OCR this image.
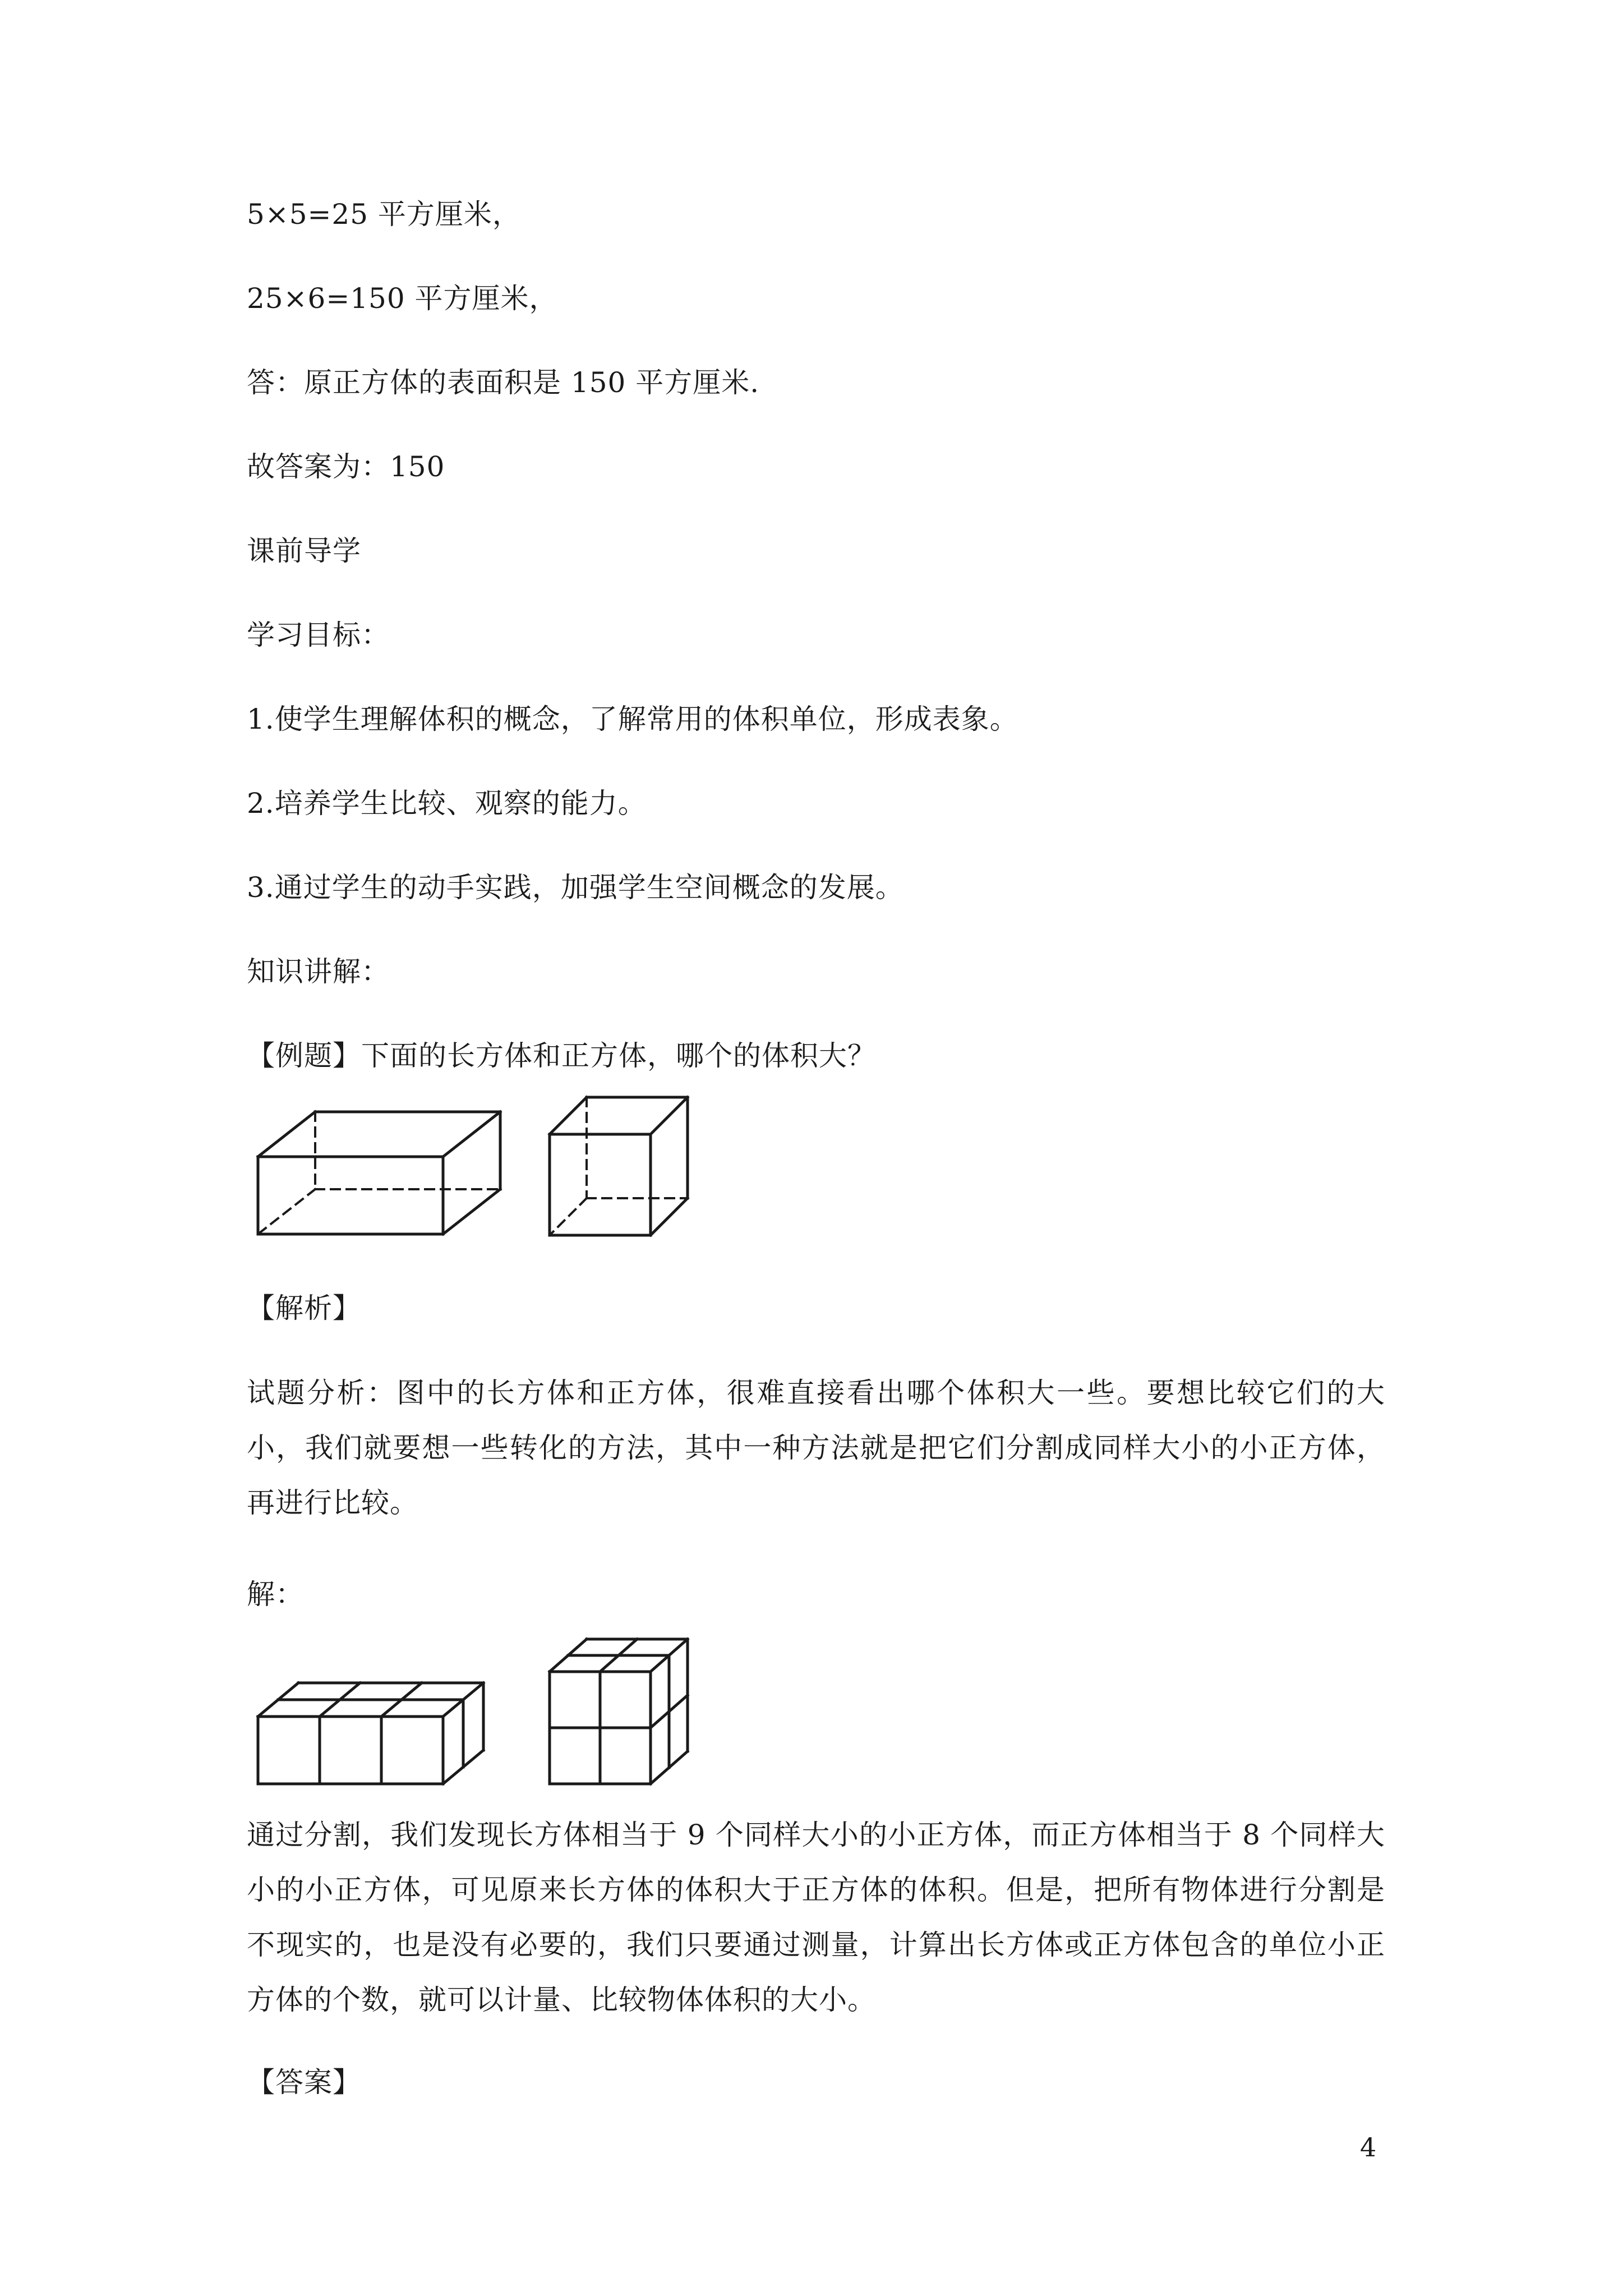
5×5=25 平方厘米，
25×6=150 平方厘米，
答：原正方体的表面积是 150 平方厘米.
故答案为：150
课前导学
学习目标：
1.使学生理解体积的概念，了解常用的体积单位，形成表象。
2.培养学生比较、观察的能力。
3.通过学生的动手实践，加强学生空间概念的发展。
知识讲解：
【例题】下面的长方体和正方体，哪个的体积大？
【解析】
试题分析：图中的长方体和正方体，很难直接看出哪个体积大一些。要想比较它们的大小，我们就要想一些转化的方法，其中一种方法就是把它们分割成同样大小的小正方体，再进行比较。
解：
通过分割，我们发现长方体相当于 9 个同样大小的小正方体，而正方体相当于 8 个同样大小的小正方体，可见原来长方体的体积大于正方体的体积。但是，把所有物体进行分割是不现实的，也是没有必要的，我们只要通过测量，计算出长方体或正方体包含的单位小正方体的个数，就可以计量、比较物体体积的大小。
【答案】
4
